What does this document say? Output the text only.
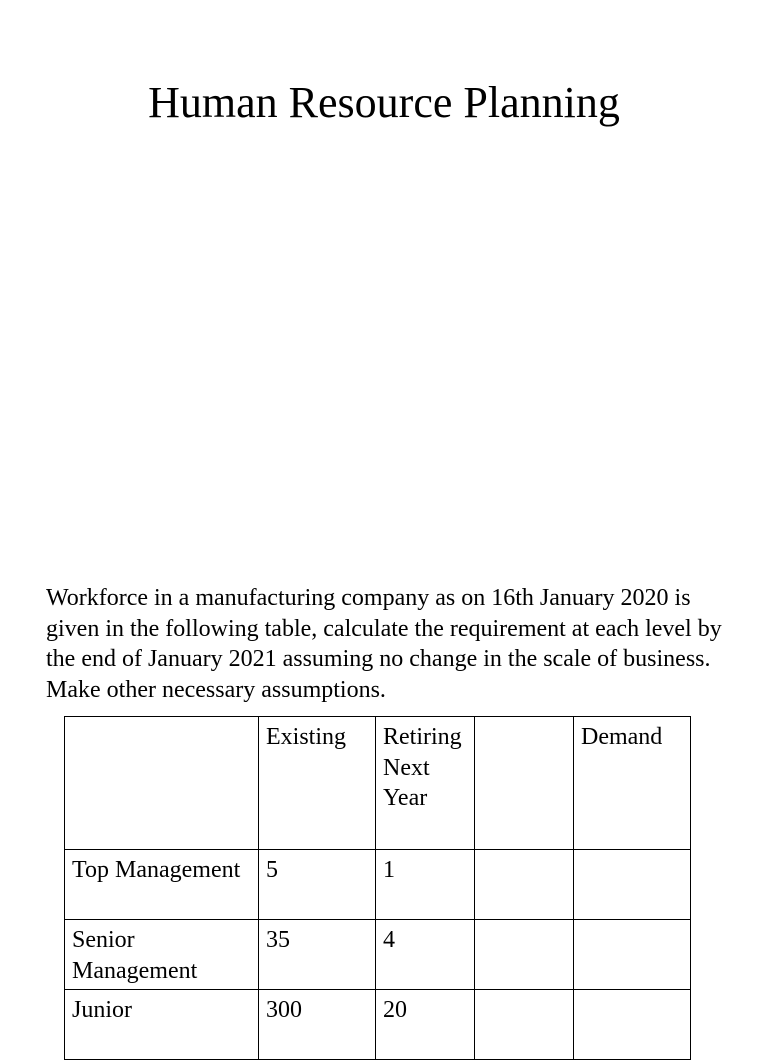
Human Resource Planning

Workforce in a manufacturing company as on 16th January 2020 is given in the following table, calculate the requirement at each level by the end of January 2021 assuming no change in the scale of business. Make other necessary assumptions.

	Existing	Retiring Next Year		Demand
Top Management	5	1		
Senior Management	35	4		
Junior	300	20		
